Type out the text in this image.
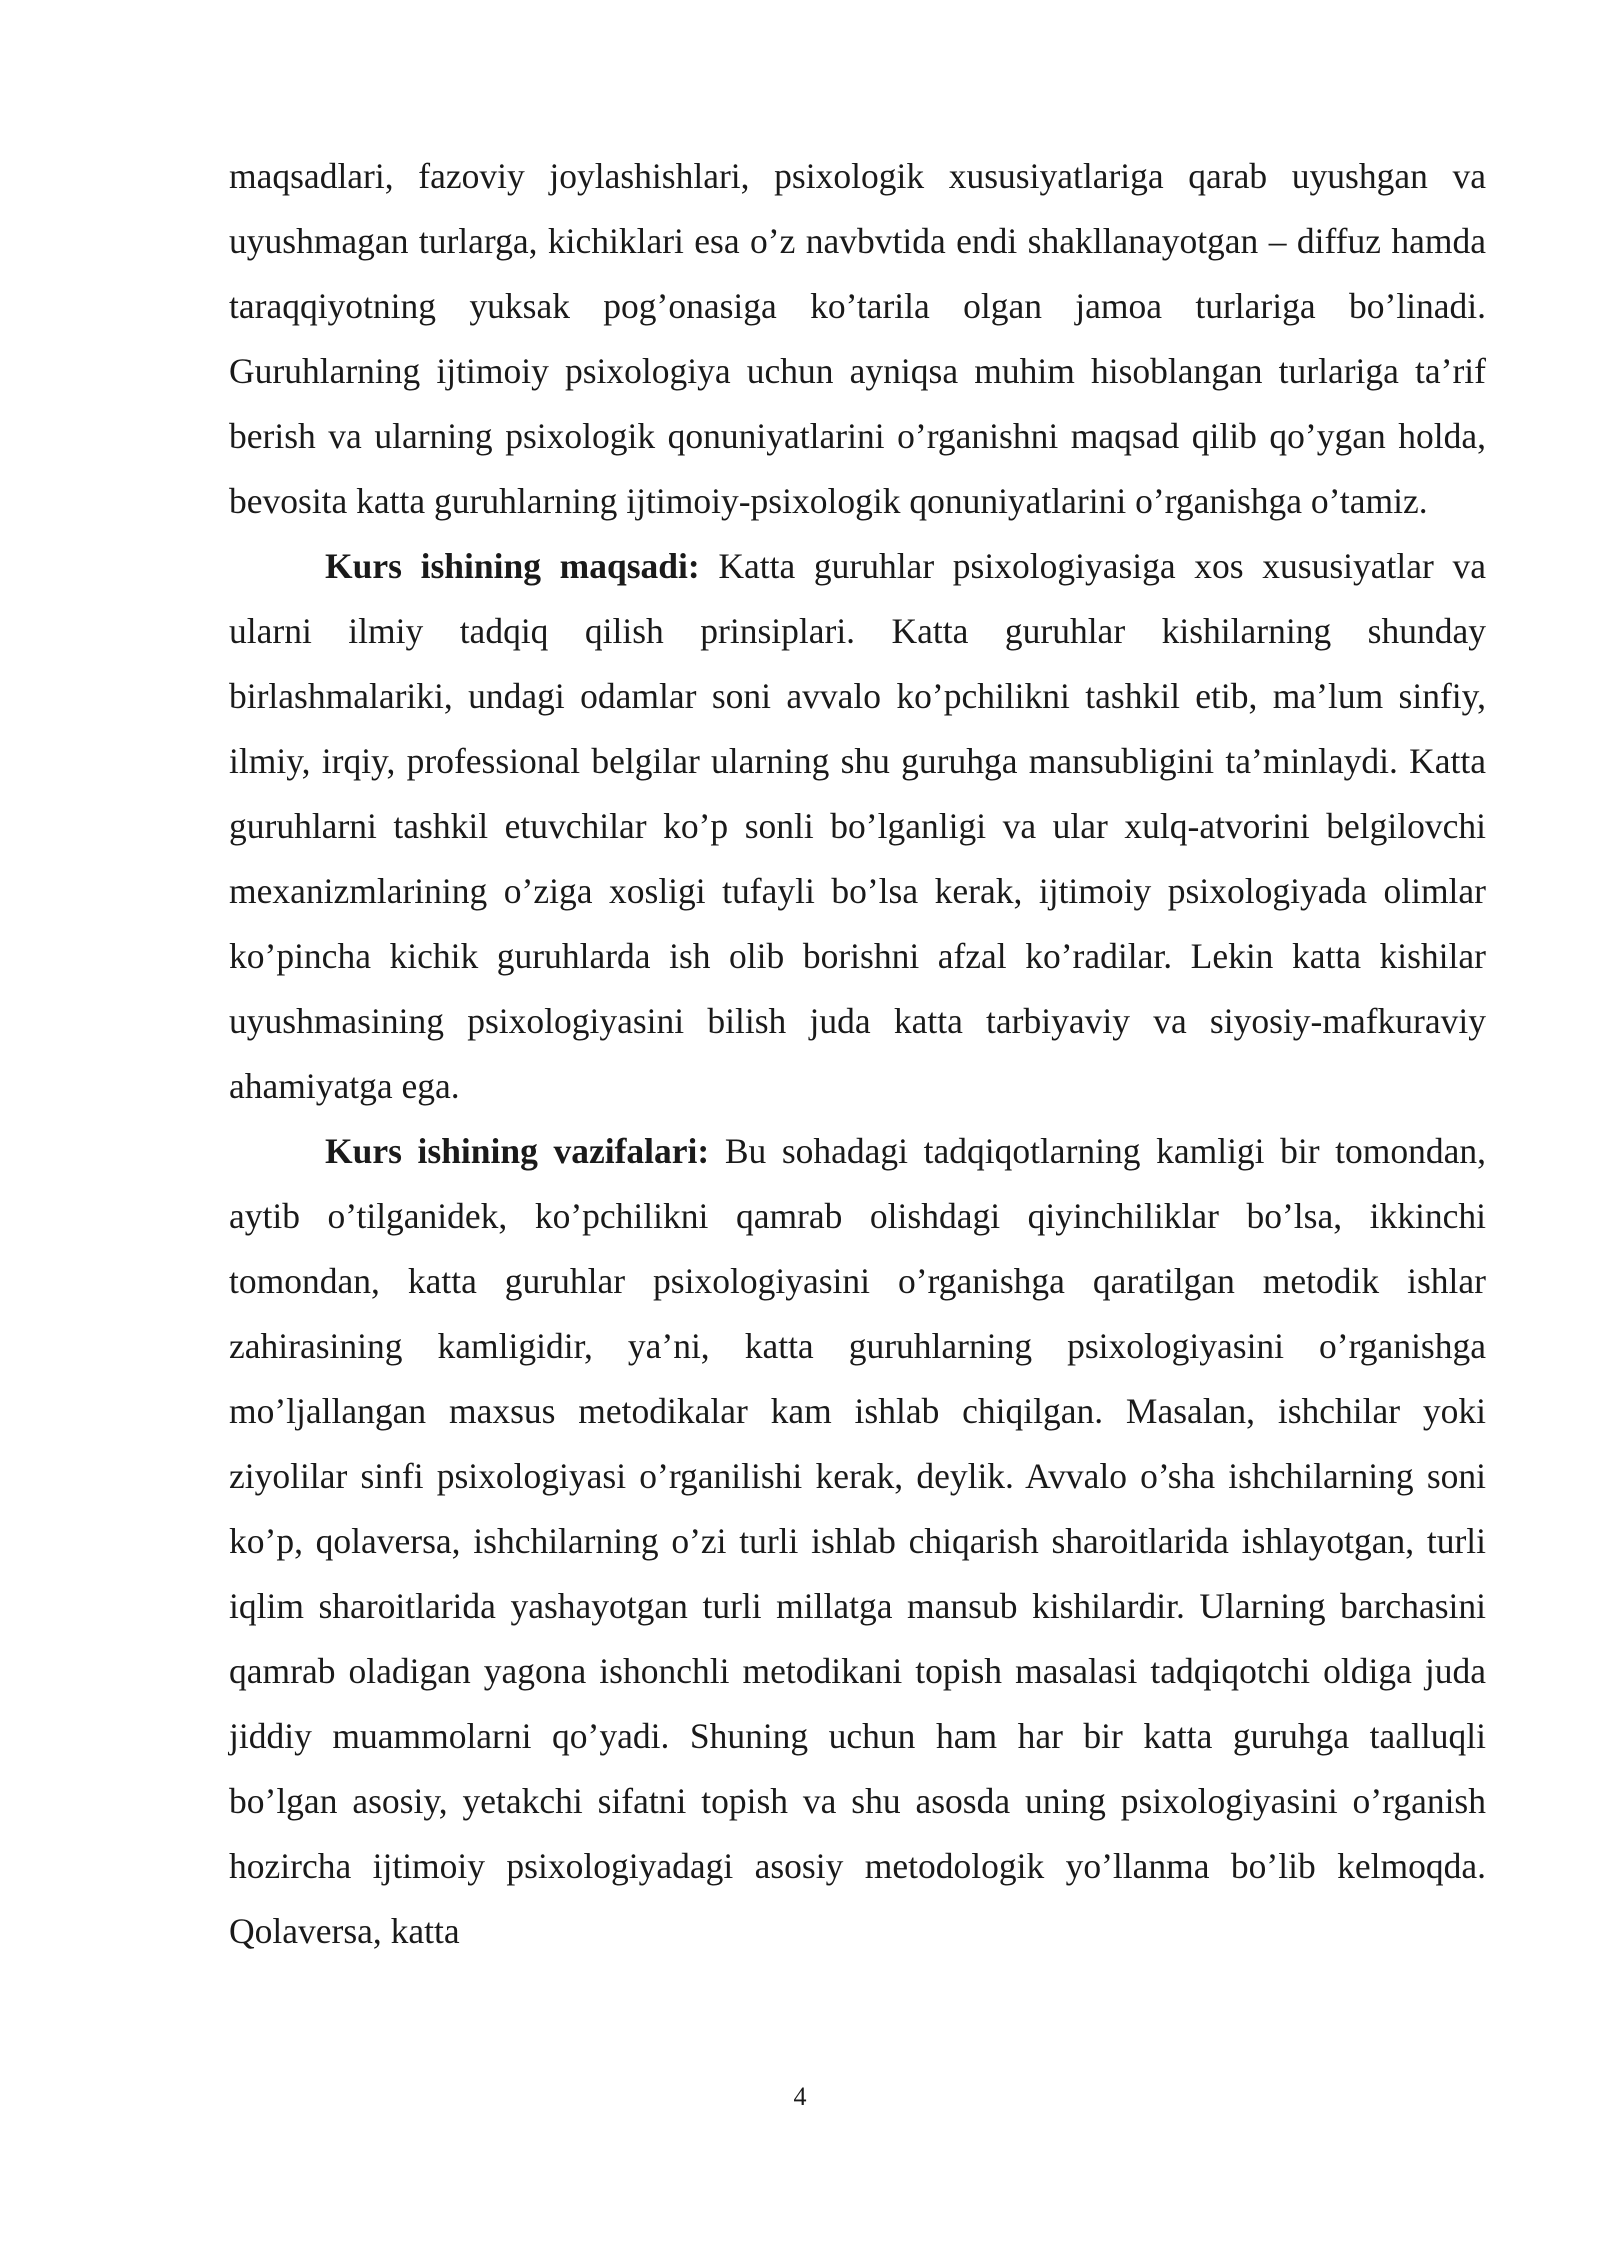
maqsadlari, fazoviy joylashishlari, psixologik xususiyatlariga qarab uyushgan va uyushmagan turlarga, kichiklari esa o’z navbvtida endi shakllanayotgan – diffuz hamda taraqqiyotning yuksak pog’onasiga ko’tarila olgan jamoa turlariga bo’linadi. Guruhlarning ijtimoiy psixologiya uchun ayniqsa muhim hisoblangan turlariga ta’rif berish va ularning psixologik qonuniyatlarini o’rganishni maqsad qilib qo’ygan holda, bevosita katta guruhlarning ijtimoiy-psixologik qonuniyatlarini o’rganishga o’tamiz.

Kurs ishining maqsadi: Katta guruhlar psixologiyasiga xos xususiyatlar va ularni ilmiy tadqiq qilish prinsiplari. Katta guruhlar kishilarning shunday birlashmalariki, undagi odamlar soni avvalo ko’pchilikni tashkil etib, ma’lum sinfiy, ilmiy, irqiy, professional belgilar ularning shu guruhga mansubligini ta’minlaydi. Katta guruhlarni tashkil etuvchilar ko’p sonli bo’lganligi va ular xulq-atvorini belgilovchi mexanizmlarining o’ziga xosligi tufayli bo’lsa kerak, ijtimoiy psixologiyada olimlar ko’pincha kichik guruhlarda ish olib borishni afzal ko’radilar. Lekin katta kishilar uyushmasining psixologiyasini bilish juda katta tarbiyaviy va siyosiy-mafkuraviy ahamiyatga ega.

Kurs ishining vazifalari: Bu sohadagi tadqiqotlarning kamligi bir tomondan, aytib o’tilganidek, ko’pchilikni qamrab olishdagi qiyinchiliklar bo’lsa, ikkinchi tomondan, katta guruhlar psixologiyasini o’rganishga qaratilgan metodik ishlar zahirasining kamligidir, ya’ni, katta guruhlarning psixologiyasini o’rganishga mo’ljallangan maxsus metodikalar kam ishlab chiqilgan. Masalan, ishchilar yoki ziyolilar sinfi psixologiyasi o’rganilishi kerak, deylik. Avvalo o’sha ishchilarning soni ko’p, qolaversa, ishchilarning o’zi turli ishlab chiqarish sharoitlarida ishlayotgan, turli iqlim sharoitlarida yashayotgan turli millatga mansub kishilardir. Ularning barchasini qamrab oladigan yagona ishonchli metodikani topish masalasi tadqiqotchi oldiga juda jiddiy muammolarni qo’yadi. Shuning uchun ham har bir katta guruhga taalluqli bo’lgan asosiy, yetakchi sifatni topish va shu asosda uning psixologiyasini o’rganish hozircha ijtimoiy psixologiyadagi asosiy metodologik yo’llanma bo’lib kelmoqda. Qolaversa, katta

4
